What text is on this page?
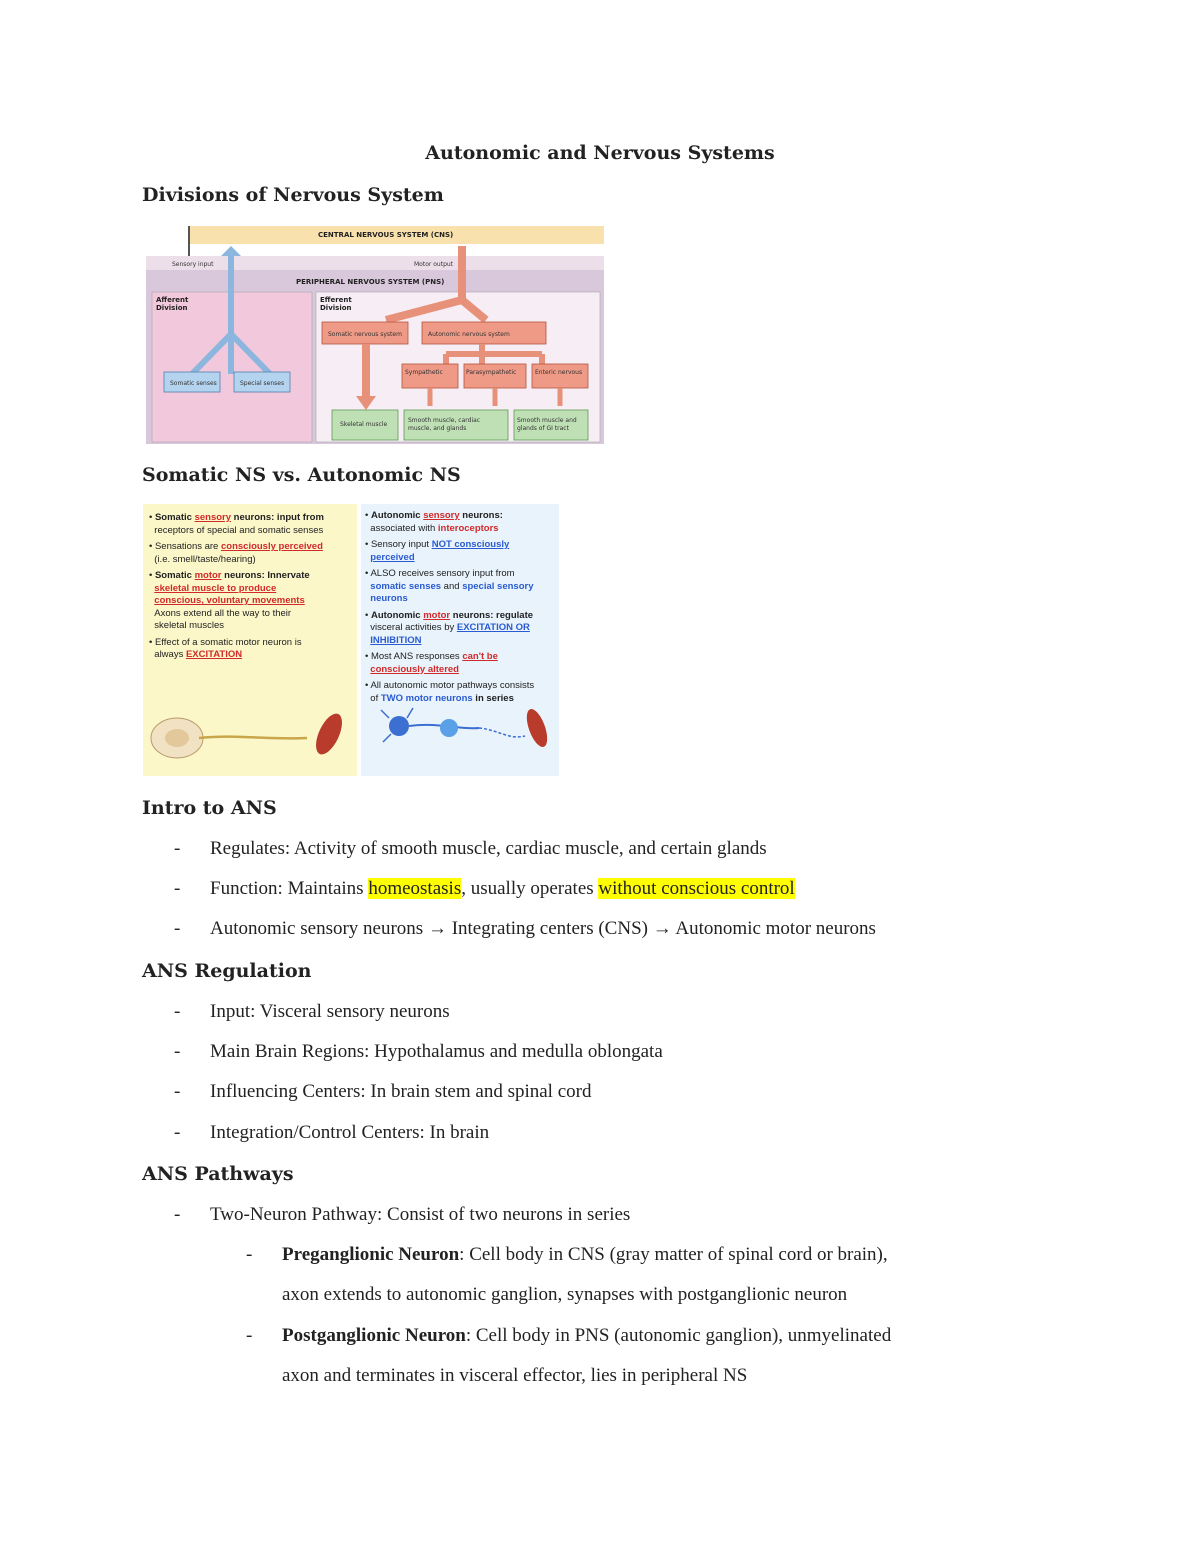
Autonomic and Nervous Systems
Divisions of Nervous System
CENTRAL NERVOUS SYSTEM (CNS)
Sensory input	Motor output
PERIPHERAL NERVOUS SYSTEM (PNS)
Afferent
Division
Efferent
Division
Somatic senses	Special senses
Somatic nervous system	Autonomic nervous system
Sympathetic	Parasympathetic	Enteric nervous
Skeletal muscle
Smooth muscle, cardiac
muscle, and glands
Smooth muscle and
glands of GI tract
Somatic NS vs. Autonomic NS

• Somatic sensory neurons: input from
receptors of special and somatic senses

• Sensations are consciously perceived
(i.e. smell/taste/hearing)

• Somatic motor neurons: Innervate
skeletal muscle to produce
conscious, voluntary movements
Axons extend all the way to their
skeletal muscles

• Effect of a somatic motor neuron is
always EXCITATION

• Autonomic sensory neurons:
associated with interoceptors

• Sensory input NOT consciously
perceived

• ALSO receives sensory input from
somatic senses and special sensory
neurons

• Autonomic motor neurons: regulate
visceral activities by EXCITATION OR
INHIBITION

• Most ANS responses can't be
consciously altered

• All autonomic motor pathways consists
of TWO motor neurons in series

Intro to ANS
- Regulates: Activity of smooth muscle, cardiac muscle, and certain glands
- Function: Maintains homeostasis, usually operates without conscious control
- Autonomic sensory neurons → Integrating centers (CNS) → Autonomic motor neurons
ANS Regulation
- Input: Visceral sensory neurons
- Main Brain Regions: Hypothalamus and medulla oblongata
- Influencing Centers: In brain stem and spinal cord
- Integration/Control Centers: In brain
ANS Pathways
- Two-Neuron Pathway: Consist of two neurons in series
- Preganglionic Neuron: Cell body in CNS (gray matter of spinal cord or brain),
axon extends to autonomic ganglion, synapses with postganglionic neuron
- Postganglionic Neuron: Cell body in PNS (autonomic ganglion), unmyelinated
axon and terminates in visceral effector, lies in peripheral NS
